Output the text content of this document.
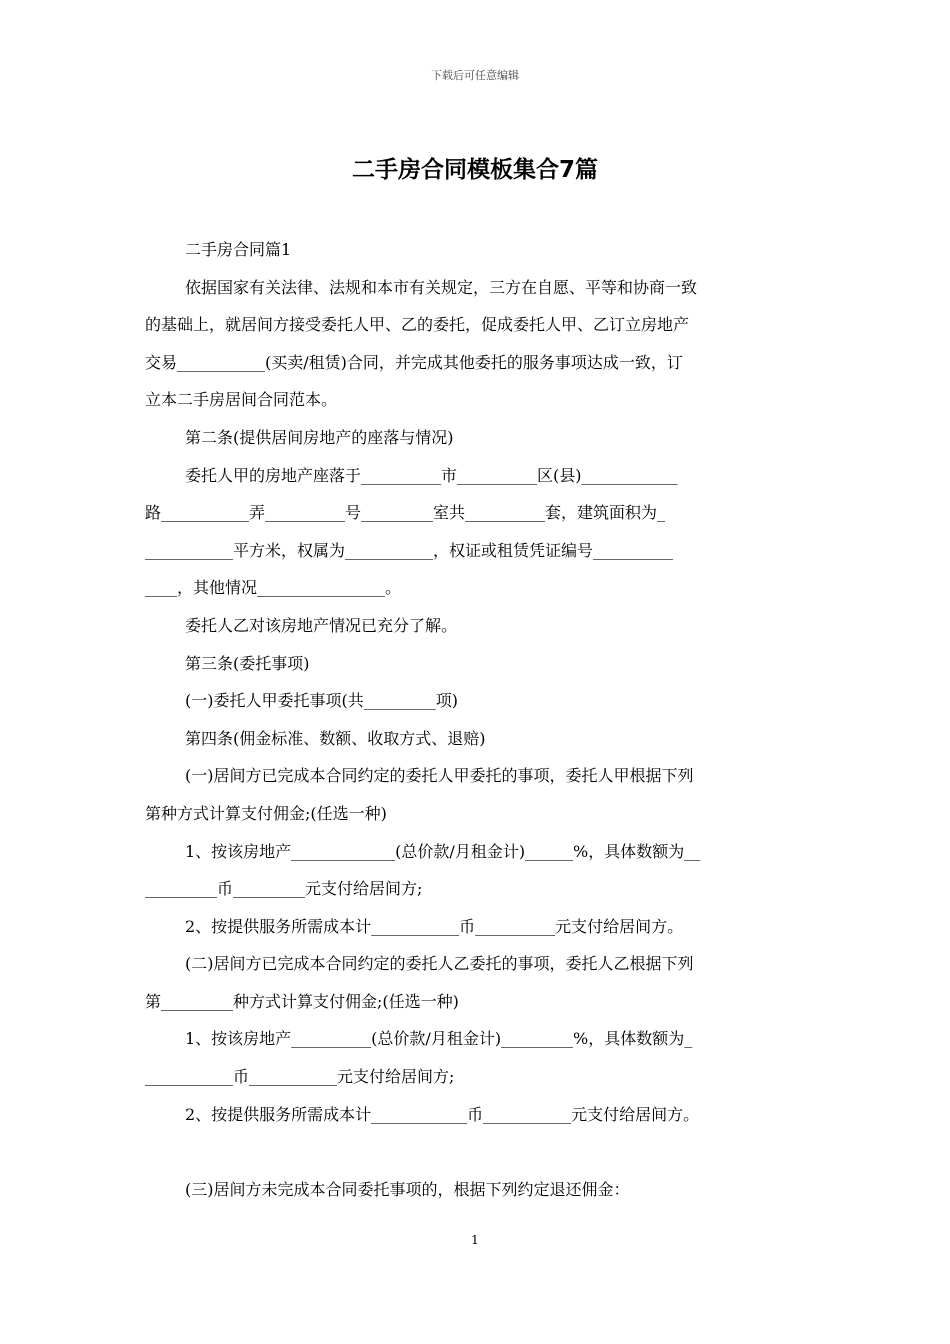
下载后可任意编辑
二手房合同模板集合7篇
二手房合同篇1
依据国家有关法律、法规和本市有关规定，三方在自愿、平等和协商一致
的基础上，就居间方接受委托人甲、乙的委托，促成委托人甲、乙订立房地产
交易___________(买卖/租赁)合同，并完成其他委托的服务事项达成一致，订
立本二手房居间合同范本。
第二条(提供居间房地产的座落与情况)
委托人甲的房地产座落于__________市__________区(县)____________
路___________弄__________号_________室共__________套，建筑面积为_
___________平方米，权属为___________，权证或租赁凭证编号__________
____，其他情况________________。
委托人乙对该房地产情况已充分了解。
第三条(委托事项)
(一)委托人甲委托事项(共_________项)
第四条(佣金标准、数额、收取方式、退赔)
(一)居间方已完成本合同约定的委托人甲委托的事项，委托人甲根据下列
第种方式计算支付佣金;(任选一种)
1、按该房地产_____________(总价款/月租金计)______%，具体数额为__
_________币_________元支付给居间方;
2、按提供服务所需成本计___________币__________元支付给居间方。
(二)居间方已完成本合同约定的委托人乙委托的事项，委托人乙根据下列
第_________种方式计算支付佣金;(任选一种)
1、按该房地产__________(总价款/月租金计)_________%，具体数额为_
___________币___________元支付给居间方;
2、按提供服务所需成本计____________币___________元支付给居间方。
(三)居间方未完成本合同委托事项的，根据下列约定退还佣金：
1
